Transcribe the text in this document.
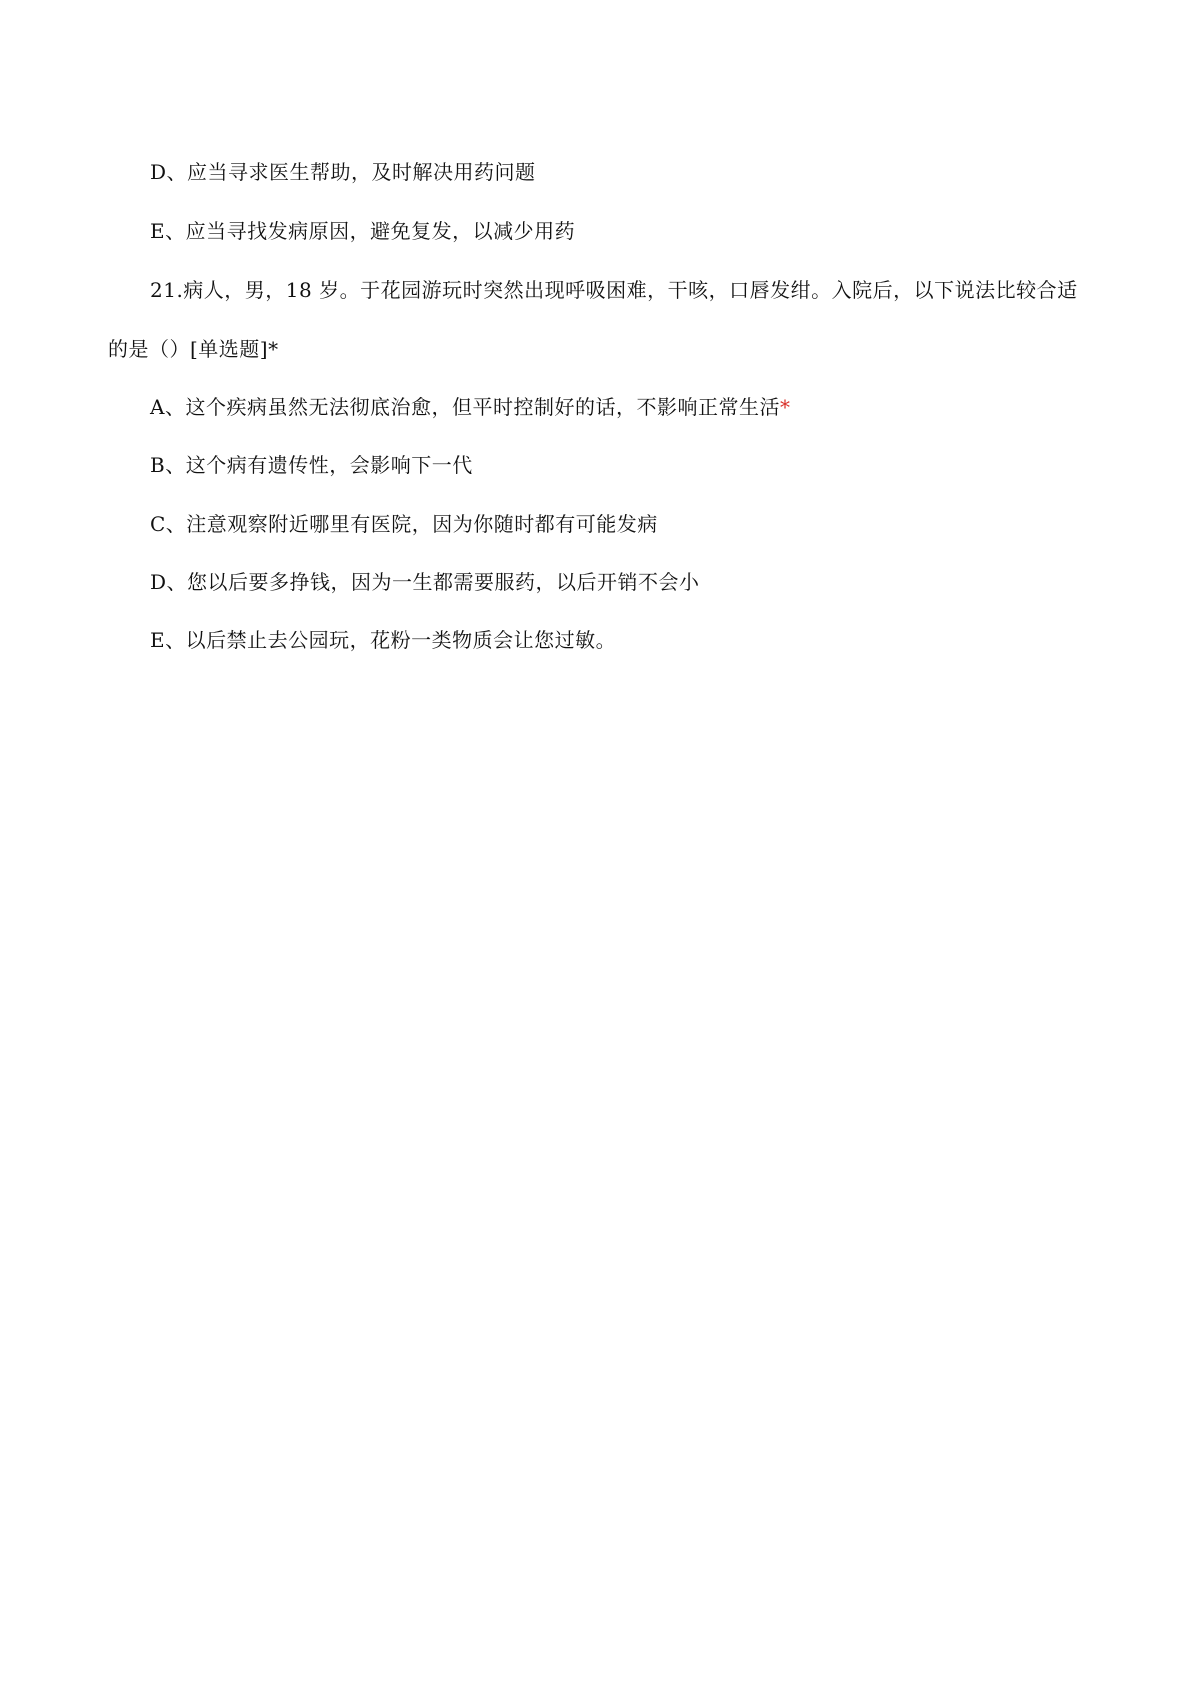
D、应当寻求医生帮助，及时解决用药问题
E、应当寻找发病原因，避免复发，以减少用药
21.病人，男，18 岁。于花园游玩时突然出现呼吸困难，干咳，口唇发绀。入院后，以下说法比较合适
的是（）[单选题]*
A、这个疾病虽然无法彻底治愈，但平时控制好的话，不影响正常生活*
B、这个病有遗传性，会影响下一代
C、注意观察附近哪里有医院，因为你随时都有可能发病
D、您以后要多挣钱，因为一生都需要服药，以后开销不会小
E、以后禁止去公园玩，花粉一类物质会让您过敏。
